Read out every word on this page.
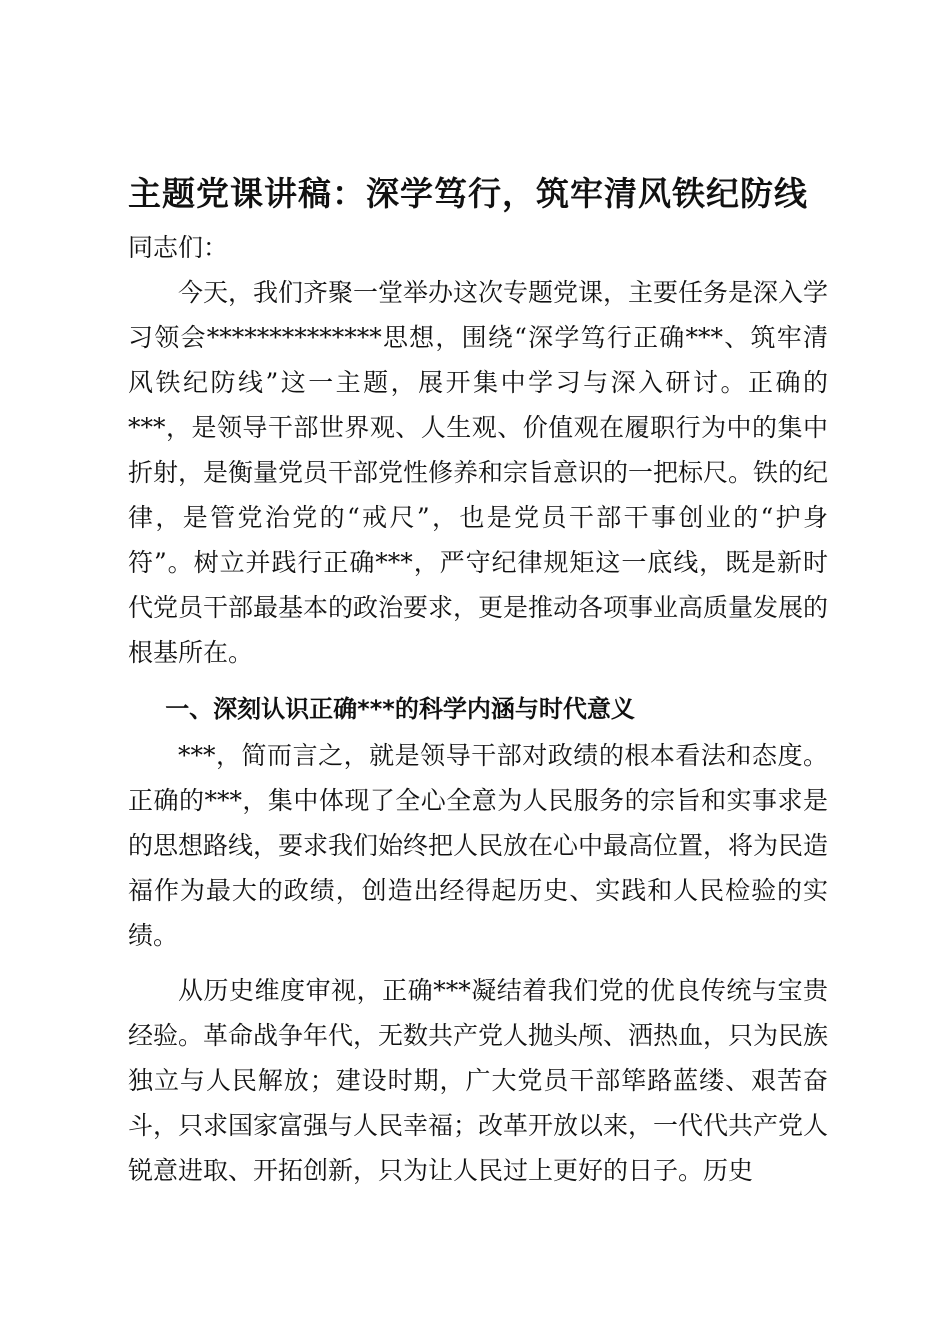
主题党课讲稿：深学笃行，筑牢清风铁纪防线

同志们：

今天，我们齐聚一堂举办这次专题党课，主要任务是深入学习领会**************思想，围绕“深学笃行正确***、筑牢清风铁纪防线”这一主题，展开集中学习与深入研讨。正确的***，是领导干部世界观、人生观、价值观在履职行为中的集中折射，是衡量党员干部党性修养和宗旨意识的一把标尺。铁的纪律，是管党治党的“戒尺”，也是党员干部干事创业的“护身符”。树立并践行正确***，严守纪律规矩这一底线，既是新时代党员干部最基本的政治要求，更是推动各项事业高质量发展的根基所在。

一、深刻认识正确***的科学内涵与时代意义

***，简而言之，就是领导干部对政绩的根本看法和态度。正确的***，集中体现了全心全意为人民服务的宗旨和实事求是的思想路线，要求我们始终把人民放在心中最高位置，将为民造福作为最大的政绩，创造出经得起历史、实践和人民检验的实绩。

从历史维度审视，正确***凝结着我们党的优良传统与宝贵经验。革命战争年代，无数共产党人抛头颅、洒热血，只为民族独立与人民解放；建设时期，广大党员干部筚路蓝缕、艰苦奋斗，只求国家富强与人民幸福；改革开放以来，一代代共产党人锐意进取、开拓创新，只为让人民过上更好的日子。历史
